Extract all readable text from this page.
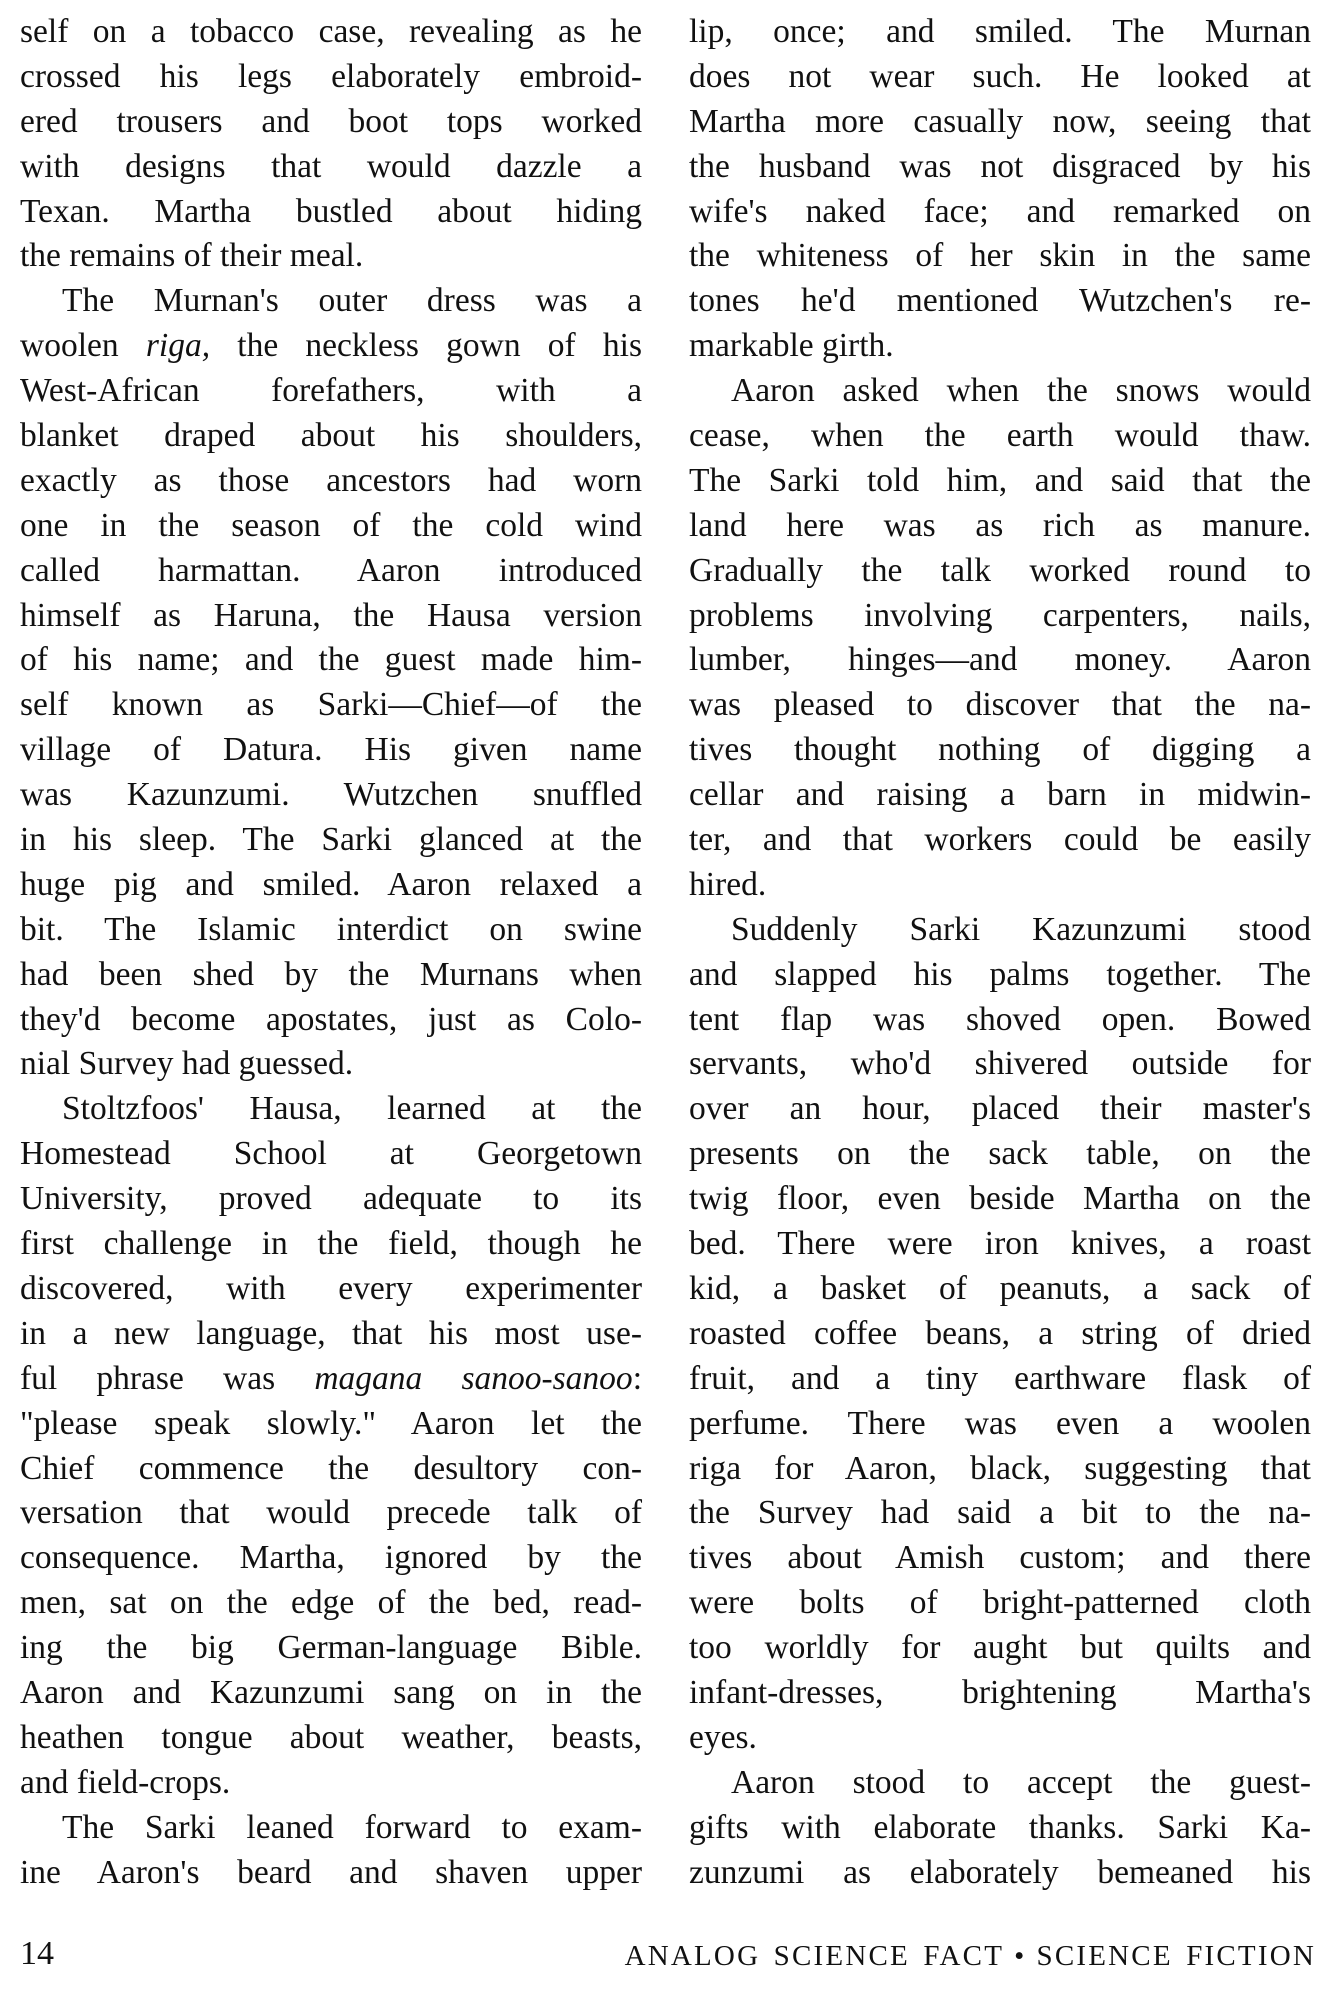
self on a tobacco case, revealing as he
crossed his legs elaborately embroid-
ered trousers and boot tops worked
with designs that would dazzle a
Texan. Martha bustled about hiding
the remains of their meal.
The Murnan's outer dress was a
woolen riga, the neckless gown of his
West-African forefathers, with a
blanket draped about his shoulders,
exactly as those ancestors had worn
one in the season of the cold wind
called harmattan. Aaron introduced
himself as Haruna, the Hausa version
of his name; and the guest made him-
self known as Sarki—Chief—of the
village of Datura. His given name
was Kazunzumi. Wutzchen snuffled
in his sleep. The Sarki glanced at the
huge pig and smiled. Aaron relaxed a
bit. The Islamic interdict on swine
had been shed by the Murnans when
they'd become apostates, just as Colo-
nial Survey had guessed.
Stoltzfoos' Hausa, learned at the
Homestead School at Georgetown
University, proved adequate to its
first challenge in the field, though he
discovered, with every experimenter
in a new language, that his most use-
ful phrase was magana sanoo-sanoo:
"please speak slowly." Aaron let the
Chief commence the desultory con-
versation that would precede talk of
consequence. Martha, ignored by the
men, sat on the edge of the bed, read-
ing the big German-language Bible.
Aaron and Kazunzumi sang on in the
heathen tongue about weather, beasts,
and field-crops.
The Sarki leaned forward to exam-
ine Aaron's beard and shaven upper
lip, once; and smiled. The Murnan
does not wear such. He looked at
Martha more casually now, seeing that
the husband was not disgraced by his
wife's naked face; and remarked on
the whiteness of her skin in the same
tones he'd mentioned Wutzchen's re-
markable girth.
Aaron asked when the snows would
cease, when the earth would thaw.
The Sarki told him, and said that the
land here was as rich as manure.
Gradually the talk worked round to
problems involving carpenters, nails,
lumber, hinges—and money. Aaron
was pleased to discover that the na-
tives thought nothing of digging a
cellar and raising a barn in midwin-
ter, and that workers could be easily
hired.
Suddenly Sarki Kazunzumi stood
and slapped his palms together. The
tent flap was shoved open. Bowed
servants, who'd shivered outside for
over an hour, placed their master's
presents on the sack table, on the
twig floor, even beside Martha on the
bed. There were iron knives, a roast
kid, a basket of peanuts, a sack of
roasted coffee beans, a string of dried
fruit, and a tiny earthware flask of
perfume. There was even a woolen
riga for Aaron, black, suggesting that
the Survey had said a bit to the na-
tives about Amish custom; and there
were bolts of bright-patterned cloth
too worldly for aught but quilts and
infant-dresses, brightening Martha's
eyes.
Aaron stood to accept the guest-
gifts with elaborate thanks. Sarki Ka-
zunzumi as elaborately bemeaned his
14	ANALOG SCIENCE FACT • SCIENCE FICTION
